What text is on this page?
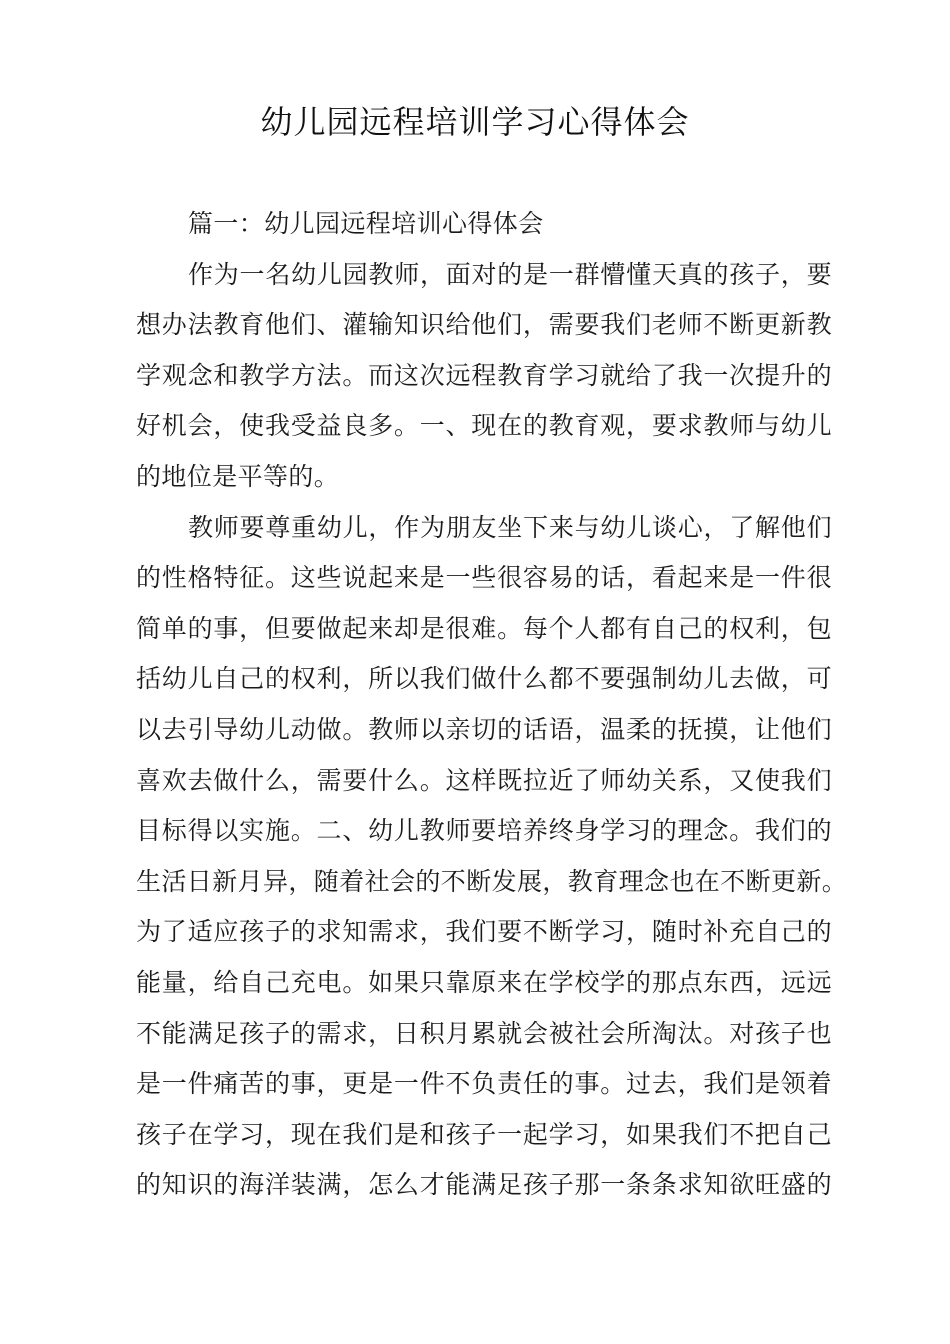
幼儿园远程培训学习心得体会
篇一：幼儿园远程培训心得体会
作为一名幼儿园教师，面对的是一群懵懂天真的孩子，要
想办法教育他们、灌输知识给他们，需要我们老师不断更新教
学观念和教学方法。而这次远程教育学习就给了我一次提升的
好机会，使我受益良多。一、现在的教育观，要求教师与幼儿
的地位是平等的。
教师要尊重幼儿，作为朋友坐下来与幼儿谈心，了解他们
的性格特征。这些说起来是一些很容易的话，看起来是一件很
简单的事，但要做起来却是很难。每个人都有自己的权利，包
括幼儿自己的权利，所以我们做什么都不要强制幼儿去做，可
以去引导幼儿动做。教师以亲切的话语，温柔的抚摸，让他们
喜欢去做什么，需要什么。这样既拉近了师幼关系，又使我们
目标得以实施。二、幼儿教师要培养终身学习的理念。我们的
生活日新月异，随着社会的不断发展，教育理念也在不断更新。
为了适应孩子的求知需求，我们要不断学习，随时补充自己的
能量，给自己充电。如果只靠原来在学校学的那点东西，远远
不能满足孩子的需求，日积月累就会被社会所淘汰。对孩子也
是一件痛苦的事，更是一件不负责任的事。过去，我们是领着
孩子在学习，现在我们是和孩子一起学习，如果我们不把自己
的知识的海洋装满，怎么才能满足孩子那一条条求知欲旺盛的
